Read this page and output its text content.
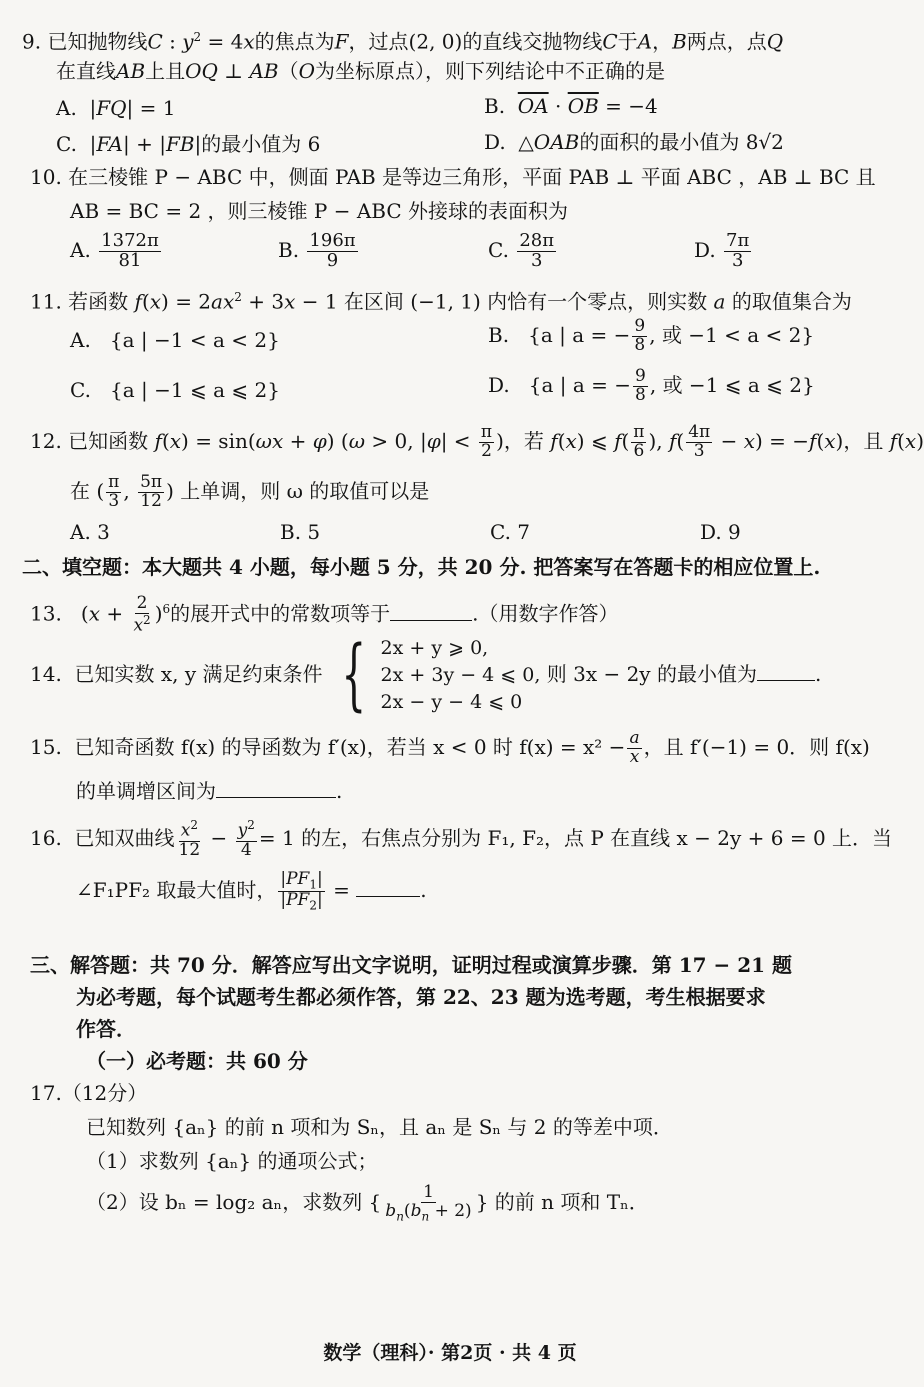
9. 已知抛物线C : $y^2 = 4x$的焦点为F，过点(2, 0)的直线交抛物线C于A，B两点，点Q
在直线AB上且OQ ⊥ AB（O为坐标原点），则下列结论中不正确的是
A.  |FQ| = 1	B. $\overline{OA} \cdot \overline{OB} = -4$
C.  |FA| + |FB|的最小值为 6	D.  △OAB的面积的最小值为 8√2
10. 在三棱锥 P − ABC 中，侧面 PAB 是等边三角形，平面 PAB ⊥ 平面 ABC ，AB ⊥ BC 且
AB = BC = 2 ，则三棱锥 P − ABC 外接球的表面积为
A. $\frac{1372\pi}{81}$	B. $\frac{196\pi}{9}$	C. $\frac{28\pi}{3}$	D. $\frac{7\pi}{3}$
11. 若函数 $f(x) = 2ax^2 + 3x - 1$ 在区间 (−1, 1) 内恰有一个零点，则实数 a 的取值集合为
A. {a | −1 < a < 2}	B. {a | a = − $\frac{9}{8}$ , 或 −1 < a < 2}
C. {a | −1 ⩽ a ⩽ 2}	D. {a | a = − $\frac{9}{8}$ , 或 −1 ⩽ a ⩽ 2}
12. 已知函数 f(x) = sin(ωx + φ) (ω > 0, $|\varphi| < \frac{\pi}{2}$ )，若 f(x) ⩽ $f( \frac{\pi}{6}$ ), $f( \frac{4\pi}{3} - x) = -f(x)$，且 f(x)
在 ( $\frac{\pi}{3}$ , $\frac{5\pi}{12}$ ) 上单调，则 ω 的取值可以是
A. 3	B. 5	C. 7	D. 9
二、填空题：本大题共 4 小题，每小题 5 分，共 20 分. 把答案写在答题卡的相应位置上.
13.   $(x + \frac{2}{x^2} )^6$的展开式中的常数项等于	.（用数字作答）
14. 已知实数 x, y 满足约束条件 { 2x + y ⩾ 0,
2x + 3y − 4 ⩽ 0,
2x − y − 4 ⩽ 0
则 3x − 2y 的最小值为	.
15. 已知奇函数 f(x) 的导函数为 f′(x)，若当 x < 0 时 $f(x) = x^2 - \frac{a}{x}$ ，且 f′(−1) = 0．则 f(x)
的单调增区间为	.
16. 已知双曲线 $\frac{x^2}{12} - \frac{y^2}{4} = 1$ 的左，右焦点分别为 F₁, F₂，点 P 在直线 x − 2y + 6 = 0 上．当
∠F₁PF₂ 取最大值时， $\frac{|PF_1|}{|PF_2|}$ =	.
三、解答题：共 70 分．解答应写出文字说明，证明过程或演算步骤．第 17 − 21 题
为必考题，每个试题考生都必须作答，第 22、23 题为选考题，考生根据要求
作答．
（一）必考题：共 60 分
17.（12分）
已知数列 {aₙ} 的前 n 项和为 Sₙ，且 aₙ 是 Sₙ 与 2 的等差中项．
（1）求数列 {aₙ} 的通项公式；
（2）设 bₙ = log₂ aₙ，求数列 { $\frac{1}{b_n(b_n + 2)}$ } 的前 n 项和 Tₙ．
数学（理科）· 第2页 · 共 4 页
